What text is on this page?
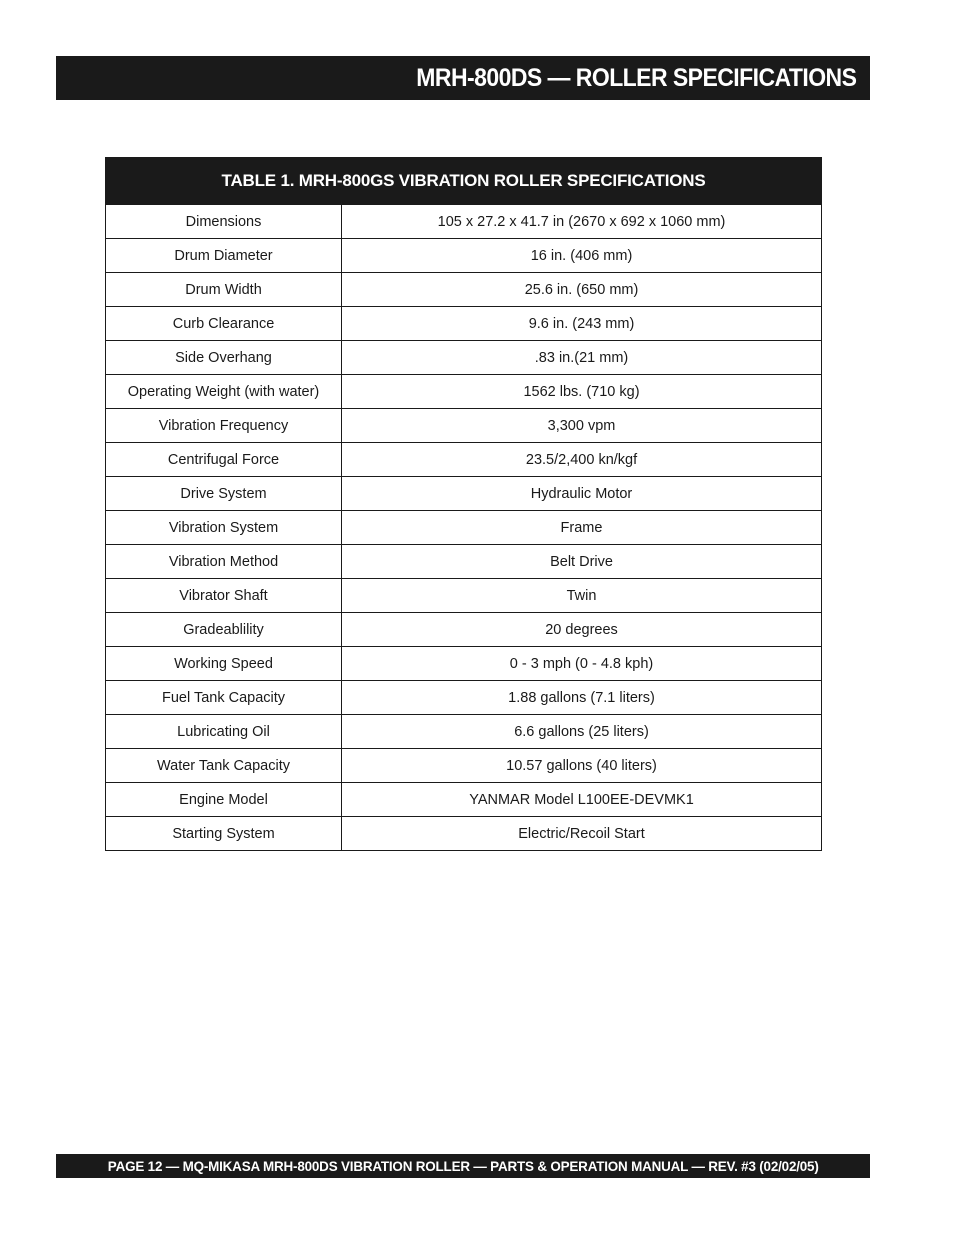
MRH-800DS — ROLLER SPECIFICATIONS
TABLE 1. MRH-800GS VIBRATION ROLLER SPECIFICATIONS	
Dimensions	105 x 27.2 x 41.7 in (2670 x 692 x 1060 mm)
Drum Diameter	16 in. (406 mm)
Drum Width	25.6 in. (650 mm)
Curb Clearance	9.6 in. (243 mm)
Side Overhang	.83 in.(21 mm)
Operating Weight (with water)	1562 lbs. (710 kg)
Vibration Frequency	3,300 vpm
Centrifugal Force	23.5/2,400 kn/kgf
Drive System	Hydraulic Motor
Vibration System	Frame
Vibration Method	Belt Drive
Vibrator Shaft	Twin
Gradeablility	20 degrees
Working Speed	0 - 3 mph (0 - 4.8 kph)
Fuel Tank Capacity	1.88 gallons (7.1 liters)
Lubricating Oil	6.6 gallons (25 liters)
Water Tank Capacity	10.57 gallons (40 liters)
Engine Model	YANMAR Model L100EE-DEVMK1
Starting System	Electric/Recoil Start
PAGE 12 — MQ-MIKASA MRH-800DS VIBRATION ROLLER — PARTS & OPERATION MANUAL — REV. #3 (02/02/05)
